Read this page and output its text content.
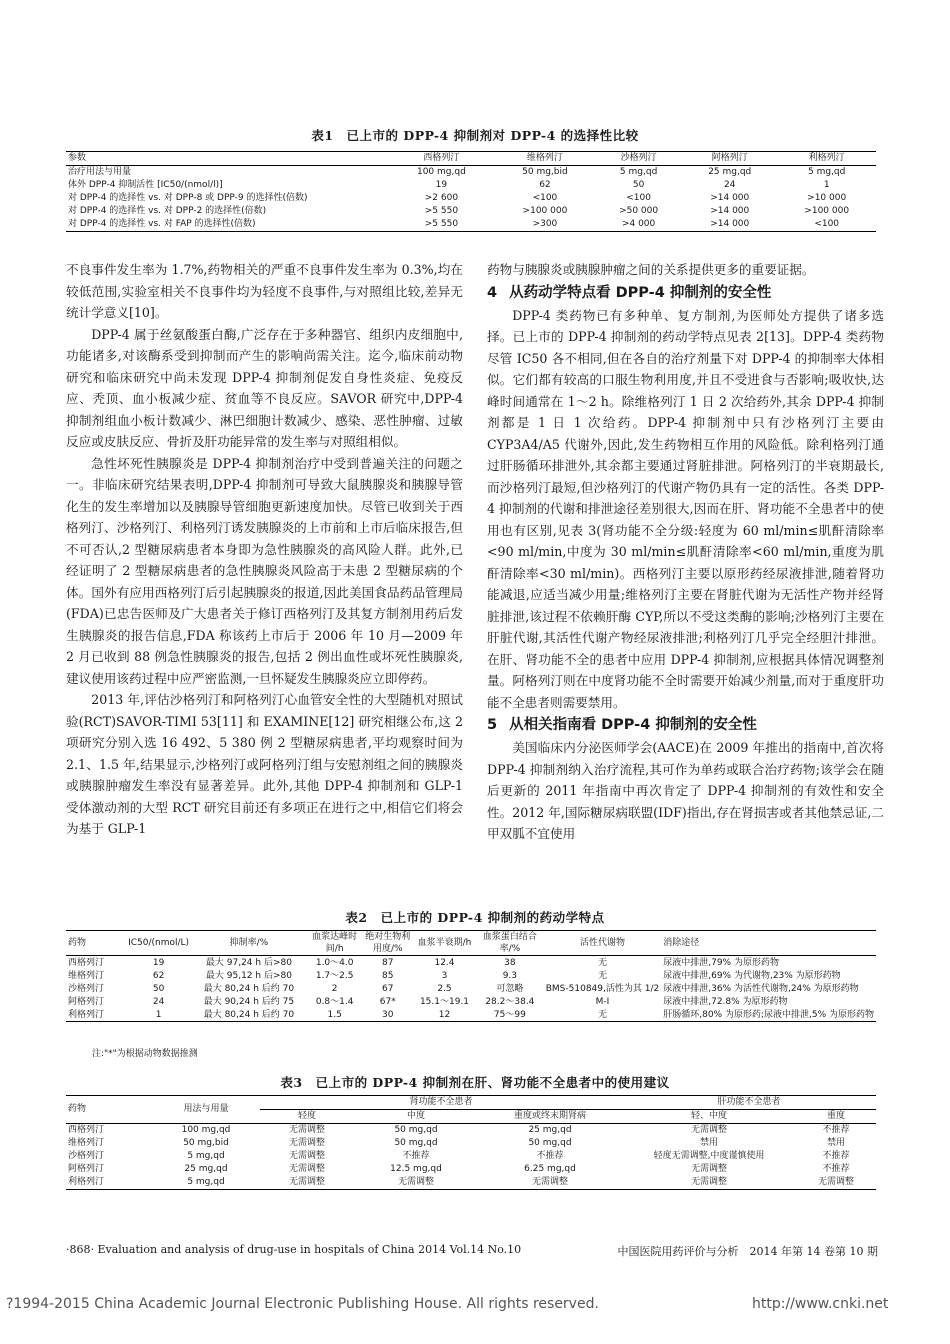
表1　已上市的 DPP-4 抑制剂对 DPP-4 的选择性比较
参数	西格列汀	维格列汀	沙格列汀	阿格列汀	利格列汀
治疗用法与用量	100 mg,qd	50 mg,bid	5 mg,qd	25 mg,qd	5 mg,qd
体外 DPP-4 抑制活性 [IC50/(nmol/l)]	19	62	50	24	1
对 DPP-4 的选择性 vs. 对 DPP-8 或 DPP-9 的选择性(倍数)	>2 600	<100	<100	>14 000	>10 000
对 DPP-4 的选择性 vs. 对 DPP-2 的选择性(倍数)	>5 550	>100 000	>50 000	>14 000	>100 000
对 DPP-4 的选择性 vs. 对 FAP 的选择性(倍数)	>5 550	>300	>4 000	>14 000	<100

不良事件发生率为 1.7%,药物相关的严重不良事件发生率为 0.3%,均在较低范围,实验室相关不良事件均为轻度不良事件,与对照组比较,差异无统计学意义[10]。

DPP-4 属于丝氨酸蛋白酶,广泛存在于多种器官、组织内皮细胞中,功能诸多,对该酶系受到抑制而产生的影响尚需关注。迄今,临床前动物研究和临床研究中尚未发现 DPP-4 抑制剂促发自身性炎症、免疫反应、秃顶、血小板减少症、贫血等不良反应。SAVOR 研究中,DPP-4 抑制剂组血小板计数减少、淋巴细胞计数减少、感染、恶性肿瘤、过敏反应或皮肤反应、骨折及肝功能异常的发生率与对照组相似。

急性坏死性胰腺炎是 DPP-4 抑制剂治疗中受到普遍关注的问题之一。非临床研究结果表明,DPP-4 抑制剂可导致大鼠胰腺炎和胰腺导管化生的发生率增加以及胰腺导管细胞更新速度加快。尽管已收到关于西格列汀、沙格列汀、利格列汀诱发胰腺炎的上市前和上市后临床报告,但不可否认,2 型糖尿病患者本身即为急性胰腺炎的高风险人群。此外,已经证明了 2 型糖尿病患者的急性胰腺炎风险高于未患 2 型糖尿病的个体。国外有应用西格列汀后引起胰腺炎的报道,因此美国食品药品管理局(FDA)已忠告医师及广大患者关于修订西格列汀及其复方制剂用药后发生胰腺炎的报告信息,FDA 称该药上市后于 2006 年 10 月—2009 年 2 月已收到 88 例急性胰腺炎的报告,包括 2 例出血性或坏死性胰腺炎,建议使用该药过程中应严密监测,一旦怀疑发生胰腺炎应立即停药。

2013 年,评估沙格列汀和阿格列汀心血管安全性的大型随机对照试验(RCT)SAVOR-TIMI 53[11] 和 EXAMINE[12] 研究相继公布,这 2 项研究分别入选 16 492、5 380 例 2 型糖尿病患者,平均观察时间为 2.1、1.5 年,结果显示,沙格列汀或阿格列汀组与安慰剂组之间的胰腺炎或胰腺肿瘤发生率没有显著差异。此外,其他 DPP-4 抑制剂和 GLP-1 受体激动剂的大型 RCT 研究目前还有多项正在进行之中,相信它们将会为基于 GLP-1

药物与胰腺炎或胰腺肿瘤之间的关系提供更多的重要证据。

4 从药动学特点看 DPP-4 抑制剂的安全性

DPP-4 类药物已有多种单、复方制剂,为医师处方提供了诸多选择。已上市的 DPP-4 抑制剂的药动学特点见表 2[13]。DPP-4 类药物尽管 IC50 各不相同,但在各自的治疗剂量下对 DPP-4 的抑制率大体相似。它们都有较高的口服生物利用度,并且不受进食与否影响;吸收快,达峰时间通常在 1～2 h。除维格列汀 1 日 2 次给药外,其余 DPP-4 抑制剂都是 1 日 1 次给药。DPP-4 抑制剂中只有沙格列汀主要由 CYP3A4/A5 代谢外,因此,发生药物相互作用的风险低。除利格列汀通过肝肠循环排泄外,其余都主要通过肾脏排泄。阿格列汀的半衰期最长,而沙格列汀最短,但沙格列汀的代谢产物仍具有一定的活性。各类 DPP-4 抑制剂的代谢和排泄途径差别很大,因而在肝、肾功能不全患者中的使用也有区别,见表 3(肾功能不全分级:轻度为 60 ml/min≤肌酐清除率<90 ml/min,中度为 30 ml/min≤肌酐清除率<60 ml/min,重度为肌酐清除率<30 ml/min)。西格列汀主要以原形药经尿液排泄,随着肾功能减退,应适当减少用量;维格列汀主要在肾脏代谢为无活性产物并经肾脏排泄,该过程不依赖肝酶 CYP,所以不受这类酶的影响;沙格列汀主要在肝脏代谢,其活性代谢产物经尿液排泄;利格列汀几乎完全经胆汁排泄。在肝、肾功能不全的患者中应用 DPP-4 抑制剂,应根据具体情况调整剂量。阿格列汀则在中度肾功能不全时需要开始减少剂量,而对于重度肝功能不全患者则需要禁用。

5 从相关指南看 DPP-4 抑制剂的安全性

美国临床内分泌医师学会(AACE)在 2009 年推出的指南中,首次将 DPP-4 抑制剂纳入治疗流程,其可作为单药或联合治疗药物;该学会在随后更新的 2011 年指南中再次肯定了 DPP-4 抑制剂的有效性和安全性。2012 年,国际糖尿病联盟(IDF)指出,存在肾损害或者其他禁忌证,二甲双胍不宜使用

表2　已上市的 DPP-4 抑制剂的药动学特点
药物	IC50/(nmol/L)	抑制率/%	血浆达峰时间/h	绝对生物利用度/%	血浆半衰期/h	血浆蛋白结合率/%	活性代谢物	消除途径
西格列汀	19	最大 97,24 h 后>80	1.0～4.0	87	12.4	38	无	尿液中排泄,79% 为原形药物
维格列汀	62	最大 95,12 h 后>80	1.7～2.5	85	3	9.3	无	尿液中排泄,69% 为代谢物,23% 为原形药物
沙格列汀	50	最大 80,24 h 后约 70	2	67	2.5	可忽略	BMS-510849,活性为其 1/2	尿液中排泄,36% 为活性代谢物,24% 为原形药物
阿格列汀	24	最大 90,24 h 后约 75	0.8～1.4	67*	15.1～19.1	28.2～38.4	M-I	尿液中排泄,72.8% 为原形药物
利格列汀	1	最大 80,24 h 后约 70	1.5	30	12	75～99	无	肝肠循环,80% 为原形药;尿液中排泄,5% 为原形药物
注:"*"为根据动物数据推测
表3　已上市的 DPP-4 抑制剂在肝、肾功能不全患者中的使用建议
药物	用法与用量	肾功能不全患者			肝功能不全患者	
		轻度	中度	重度或终末期肾病	轻、中度	重度
西格列汀	100 mg,qd	无需调整	50 mg,qd	25 mg,qd	无需调整	不推荐
维格列汀	50 mg,bid	无需调整	50 mg,qd	50 mg,qd	禁用	禁用
沙格列汀	5 mg,qd	无需调整	不推荐	不推荐	轻度无需调整,中度谨慎使用	不推荐
阿格列汀	25 mg,qd	无需调整	12.5 mg,qd	6.25 mg,qd	无需调整	不推荐
利格列汀	5 mg,qd	无需调整	无需调整	无需调整	无需调整	无需调整
·868· Evaluation and analysis of drug-use in hospitals of China 2014 Vol.14 No.10	中国医院用药评价与分析　2014 年第 14 卷第 10 期
?1994-2015 China Academic Journal Electronic Publishing House. All rights reserved.	http://www.cnki.net
